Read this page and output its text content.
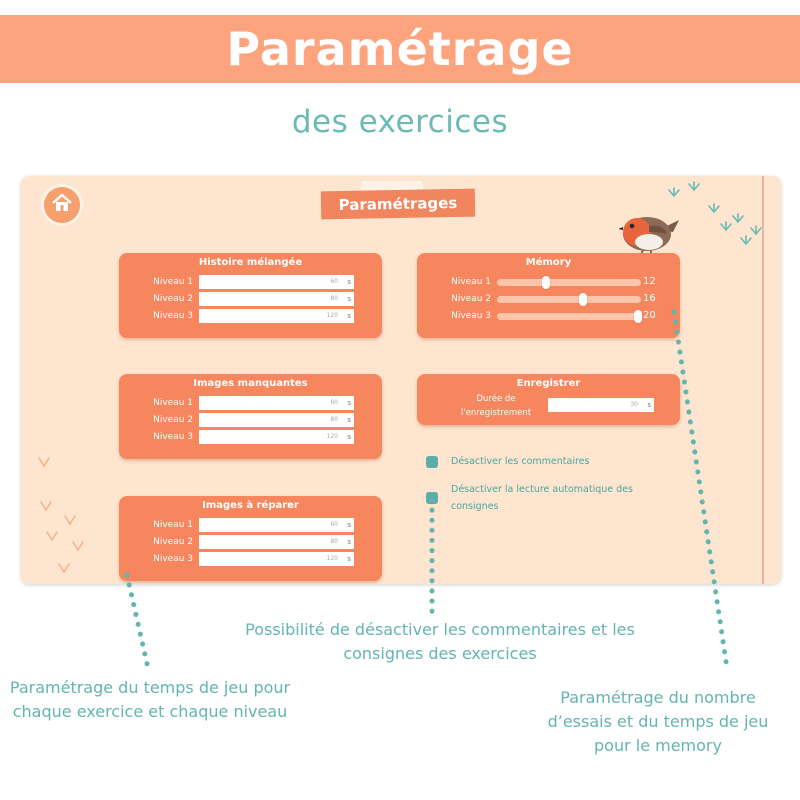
Paramétrage
des exercices
Paramétrages
Histoire mélangée
Niveau 1	60 s
Niveau 2	80 s
Niveau 3	120 s
Images manquantes
Niveau 1	60 s
Niveau 2	80 s
Niveau 3	120 s
Images à réparer
Niveau 1	60 s
Niveau 2	80 s
Niveau 3	120 s
Mémory
Niveau 1	12
Niveau 2	16
Niveau 3	20
Enregistrer
Durée de l'enregistrement
30 s
Désactiver les commentaires
Désactiver la lecture automatique des consignes
Possibilité de désactiver les commentaires et les consignes des exercices
Paramétrage du temps de jeu pour chaque exercice et chaque niveau
Paramétrage du nombre d’essais et du temps de jeu pour le memory
